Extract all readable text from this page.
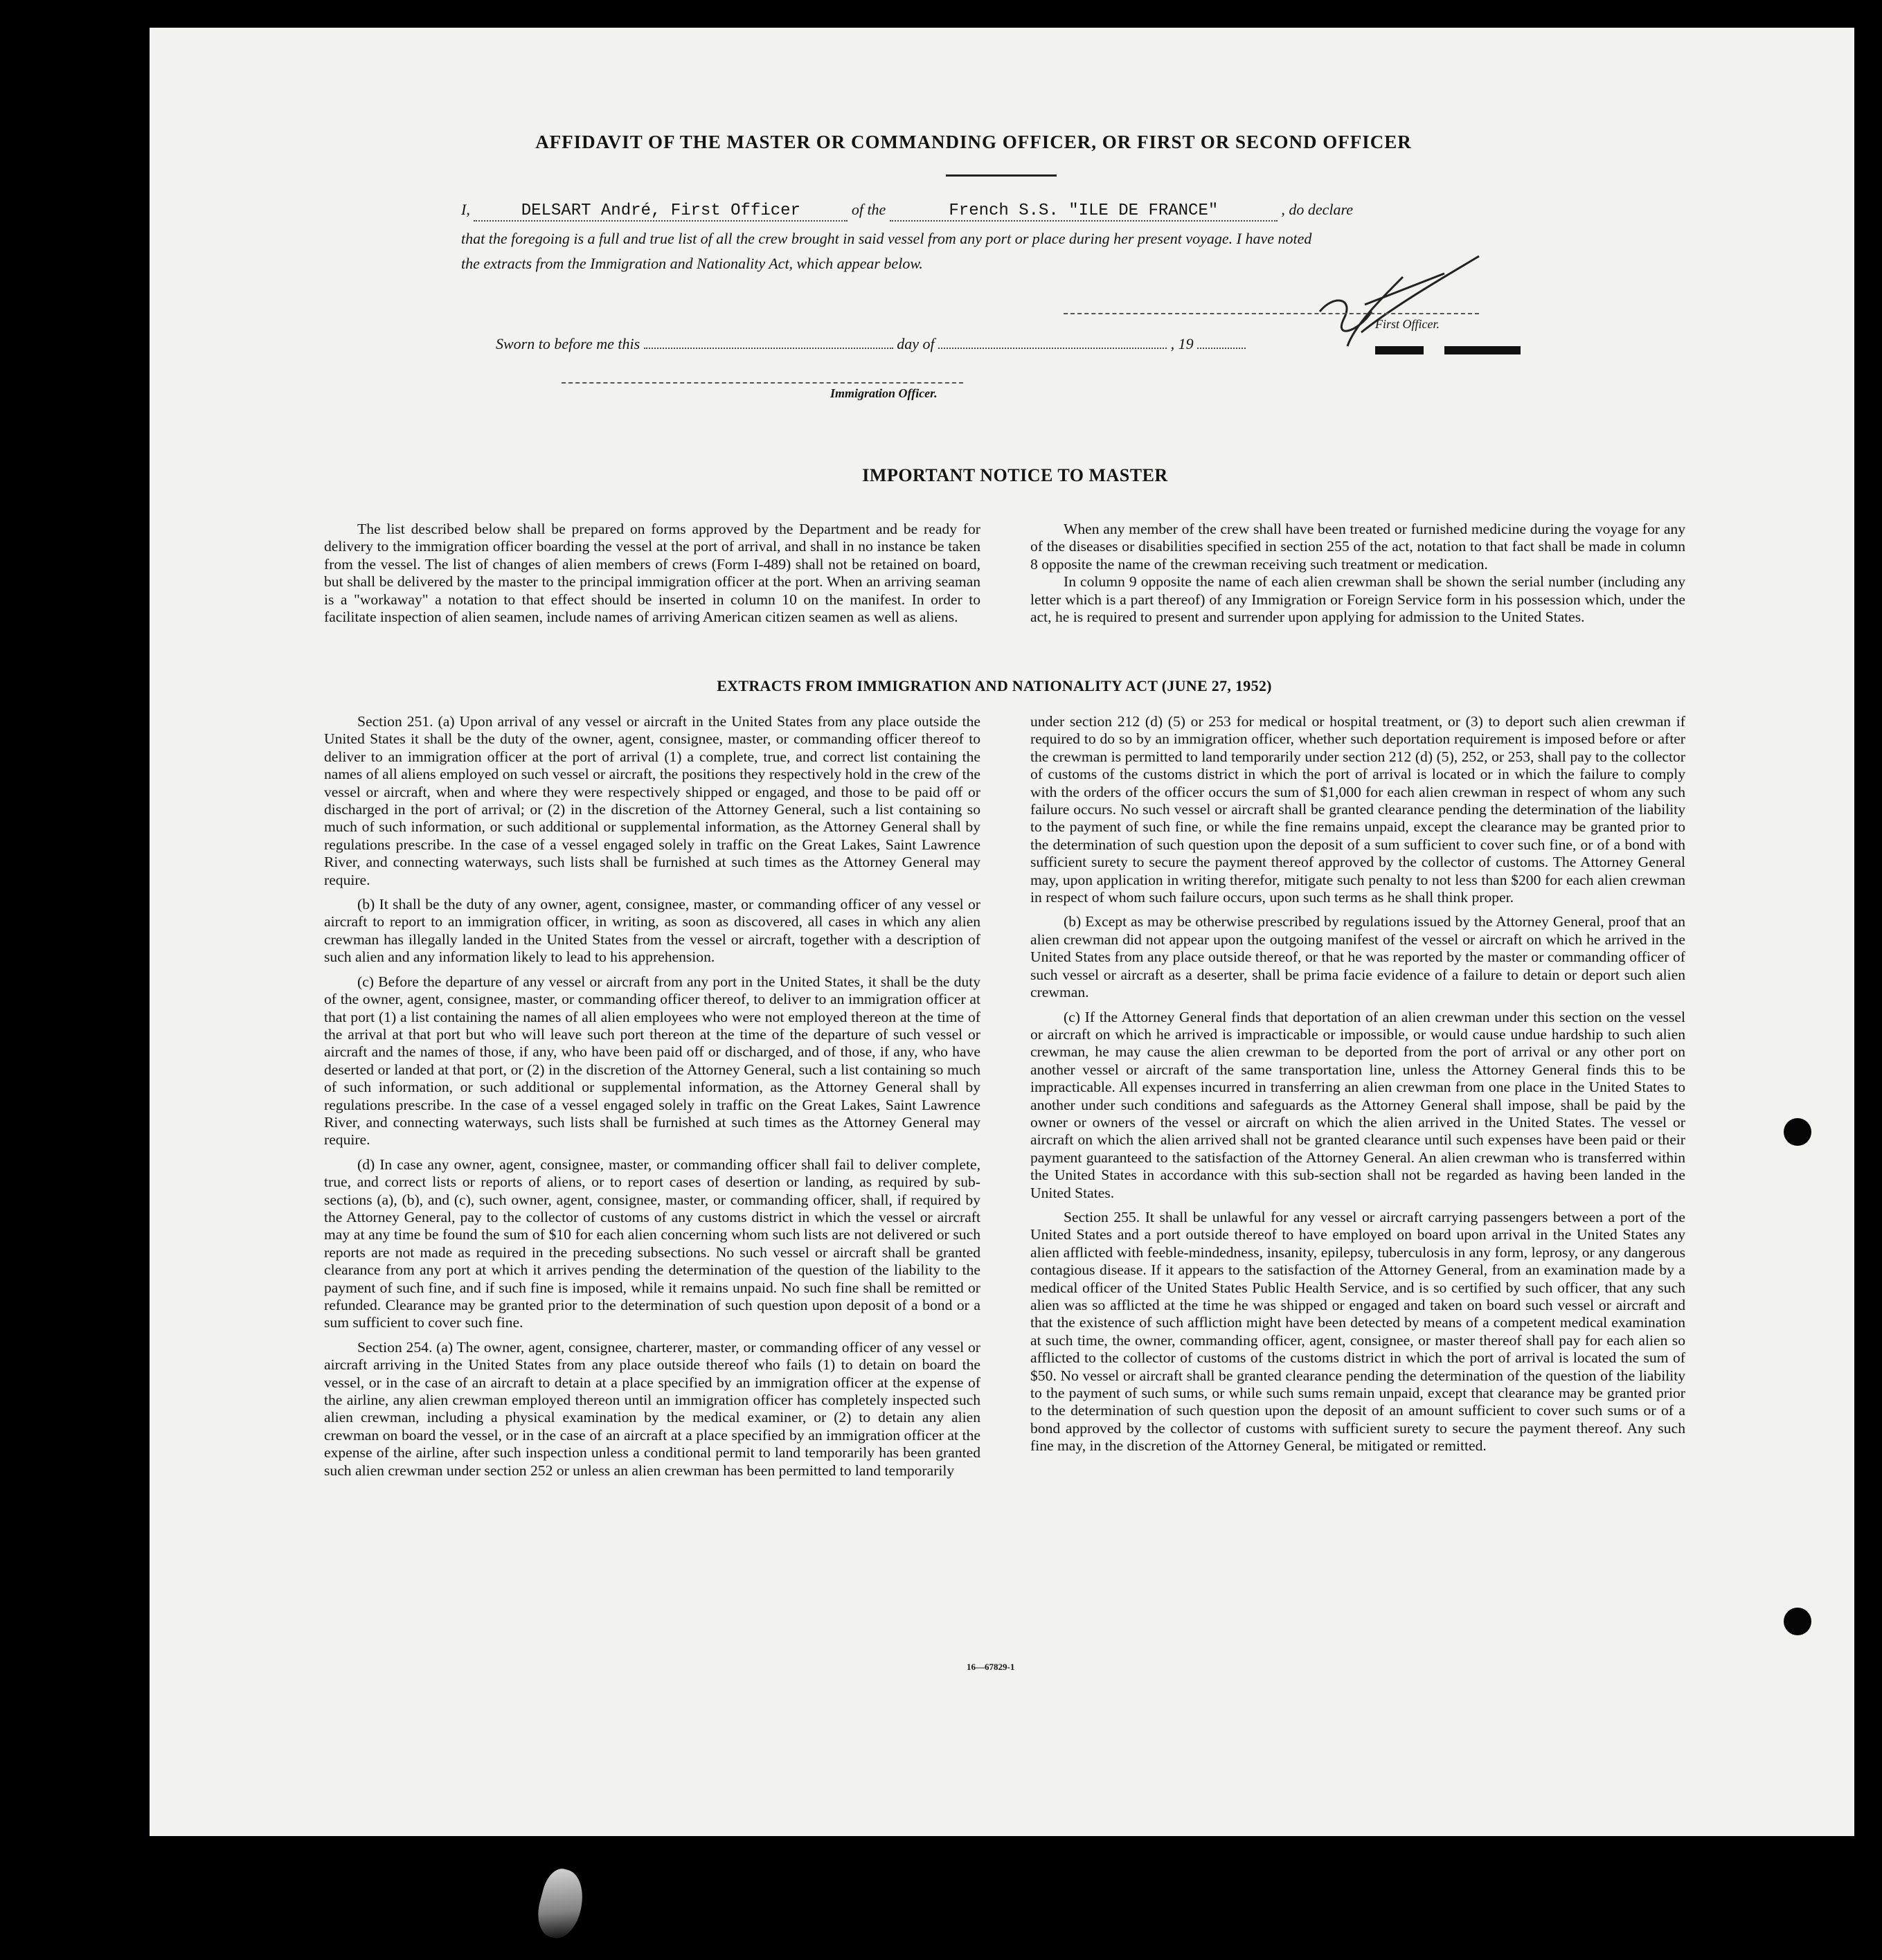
AFFIDAVIT OF THE MASTER OR COMMANDING OFFICER, OR FIRST OR SECOND OFFICER
I,	DELSART André, First Officer	of the	French S.S. "ILE DE FRANCE"	, do declare
that the foregoing is a full and true list of all the crew brought in said vessel from any port or place during her present voyage. I have noted
the extracts from the Immigration and Nationality Act, which appear below.
First Officer.
Sworn to before me this	day of	, 19
Immigration Officer.
IMPORTANT NOTICE TO MASTER

The list described below shall be prepared on forms approved by the Department and be ready for delivery to the immigration officer boarding the vessel at the port of arrival, and shall in no instance be taken from the vessel. The list of changes of alien members of crews (Form I-489) shall not be retained on board, but shall be delivered by the master to the principal immigration officer at the port. When an arriving seaman is a "workaway" a notation to that effect should be inserted in column 10 on the manifest. In order to facilitate inspection of alien seamen, include names of arriving American citizen seamen as well as aliens.

When any member of the crew shall have been treated or furnished medicine during the voyage for any of the diseases or disabilities specified in section 255 of the act, notation to that fact shall be made in column 8 opposite the name of the crewman receiving such treatment or medication.

In column 9 opposite the name of each alien crewman shall be shown the serial number (including any letter which is a part thereof) of any Immigration or Foreign Service form in his possession which, under the act, he is required to present and surrender upon applying for admission to the United States.

EXTRACTS FROM IMMIGRATION AND NATIONALITY ACT (JUNE 27, 1952)

Section 251. (a) Upon arrival of any vessel or aircraft in the United States from any place outside the United States it shall be the duty of the owner, agent, consignee, master, or commanding officer thereof to deliver to an immigration officer at the port of arrival (1) a complete, true, and correct list containing the names of all aliens employed on such vessel or aircraft, the positions they respectively hold in the crew of the vessel or aircraft, when and where they were respectively shipped or engaged, and those to be paid off or discharged in the port of arrival; or (2) in the discretion of the Attorney General, such a list containing so much of such information, or such additional or supplemental information, as the Attorney General shall by regulations prescribe. In the case of a vessel engaged solely in traffic on the Great Lakes, Saint Lawrence River, and connecting waterways, such lists shall be furnished at such times as the Attorney General may require.

(b) It shall be the duty of any owner, agent, consignee, master, or commanding officer of any vessel or aircraft to report to an immigration officer, in writing, as soon as discovered, all cases in which any alien crewman has illegally landed in the United States from the vessel or aircraft, together with a description of such alien and any information likely to lead to his apprehension.

(c) Before the departure of any vessel or aircraft from any port in the United States, it shall be the duty of the owner, agent, consignee, master, or commanding officer thereof, to deliver to an immigration officer at that port (1) a list containing the names of all alien employees who were not employed thereon at the time of the arrival at that port but who will leave such port thereon at the time of the departure of such vessel or aircraft and the names of those, if any, who have been paid off or discharged, and of those, if any, who have deserted or landed at that port, or (2) in the discretion of the Attorney General, such a list containing so much of such information, or such additional or supplemental information, as the Attorney General shall by regulations prescribe. In the case of a vessel engaged solely in traffic on the Great Lakes, Saint Lawrence River, and connecting waterways, such lists shall be furnished at such times as the Attorney General may require.

(d) In case any owner, agent, consignee, master, or commanding officer shall fail to deliver complete, true, and correct lists or reports of aliens, or to report cases of desertion or landing, as required by sub-sections (a), (b), and (c), such owner, agent, consignee, master, or commanding officer, shall, if required by the Attorney General, pay to the collector of customs of any customs district in which the vessel or aircraft may at any time be found the sum of $10 for each alien concerning whom such lists are not delivered or such reports are not made as required in the preceding subsections. No such vessel or aircraft shall be granted clearance from any port at which it arrives pending the determination of the question of the liability to the payment of such fine, and if such fine is imposed, while it remains unpaid. No such fine shall be remitted or refunded. Clearance may be granted prior to the determination of such question upon deposit of a bond or a sum sufficient to cover such fine.

Section 254. (a) The owner, agent, consignee, charterer, master, or commanding officer of any vessel or aircraft arriving in the United States from any place outside thereof who fails (1) to detain on board the vessel, or in the case of an aircraft to detain at a place specified by an immigration officer at the expense of the airline, any alien crewman employed thereon until an immigration officer has completely inspected such alien crewman, including a physical examination by the medical examiner, or (2) to detain any alien crewman on board the vessel, or in the case of an aircraft at a place specified by an immigration officer at the expense of the airline, after such inspection unless a conditional permit to land temporarily has been granted such alien crewman under section 252 or unless an alien crewman has been permitted to land temporarily

under section 212 (d) (5) or 253 for medical or hospital treatment, or (3) to deport such alien crewman if required to do so by an immigration officer, whether such deportation requirement is imposed before or after the crewman is permitted to land temporarily under section 212 (d) (5), 252, or 253, shall pay to the collector of customs of the customs district in which the port of arrival is located or in which the failure to comply with the orders of the officer occurs the sum of $1,000 for each alien crewman in respect of whom any such failure occurs. No such vessel or aircraft shall be granted clearance pending the determination of the liability to the payment of such fine, or while the fine remains unpaid, except the clearance may be granted prior to the determination of such question upon the deposit of a sum sufficient to cover such fine, or of a bond with sufficient surety to secure the payment thereof approved by the collector of customs. The Attorney General may, upon application in writing therefor, mitigate such penalty to not less than $200 for each alien crewman in respect of whom such failure occurs, upon such terms as he shall think proper.

(b) Except as may be otherwise prescribed by regulations issued by the Attorney General, proof that an alien crewman did not appear upon the outgoing manifest of the vessel or aircraft on which he arrived in the United States from any place outside thereof, or that he was reported by the master or commanding officer of such vessel or aircraft as a deserter, shall be prima facie evidence of a failure to detain or deport such alien crewman.

(c) If the Attorney General finds that deportation of an alien crewman under this section on the vessel or aircraft on which he arrived is impracticable or impossible, or would cause undue hardship to such alien crewman, he may cause the alien crewman to be deported from the port of arrival or any other port on another vessel or aircraft of the same transportation line, unless the Attorney General finds this to be impracticable. All expenses incurred in transferring an alien crewman from one place in the United States to another under such conditions and safeguards as the Attorney General shall impose, shall be paid by the owner or owners of the vessel or aircraft on which the alien arrived in the United States. The vessel or aircraft on which the alien arrived shall not be granted clearance until such expenses have been paid or their payment guaranteed to the satisfaction of the Attorney General. An alien crewman who is transferred within the United States in accordance with this sub-section shall not be regarded as having been landed in the United States.

Section 255. It shall be unlawful for any vessel or aircraft carrying passengers between a port of the United States and a port outside thereof to have employed on board upon arrival in the United States any alien afflicted with feeble-mindedness, insanity, epilepsy, tuberculosis in any form, leprosy, or any dangerous contagious disease. If it appears to the satisfaction of the Attorney General, from an examination made by a medical officer of the United States Public Health Service, and is so certified by such officer, that any such alien was so afflicted at the time he was shipped or engaged and taken on board such vessel or aircraft and that the existence of such affliction might have been detected by means of a competent medical examination at such time, the owner, commanding officer, agent, consignee, or master thereof shall pay for each alien so afflicted to the collector of customs of the customs district in which the port of arrival is located the sum of $50. No vessel or aircraft shall be granted clearance pending the determination of the question of the liability to the payment of such sums, or while such sums remain unpaid, except that clearance may be granted prior to the determination of such question upon the deposit of an amount sufficient to cover such sums or of a bond approved by the collector of customs with sufficient surety to secure the payment thereof. Any such fine may, in the discretion of the Attorney General, be mitigated or remitted.

16—67829-1
